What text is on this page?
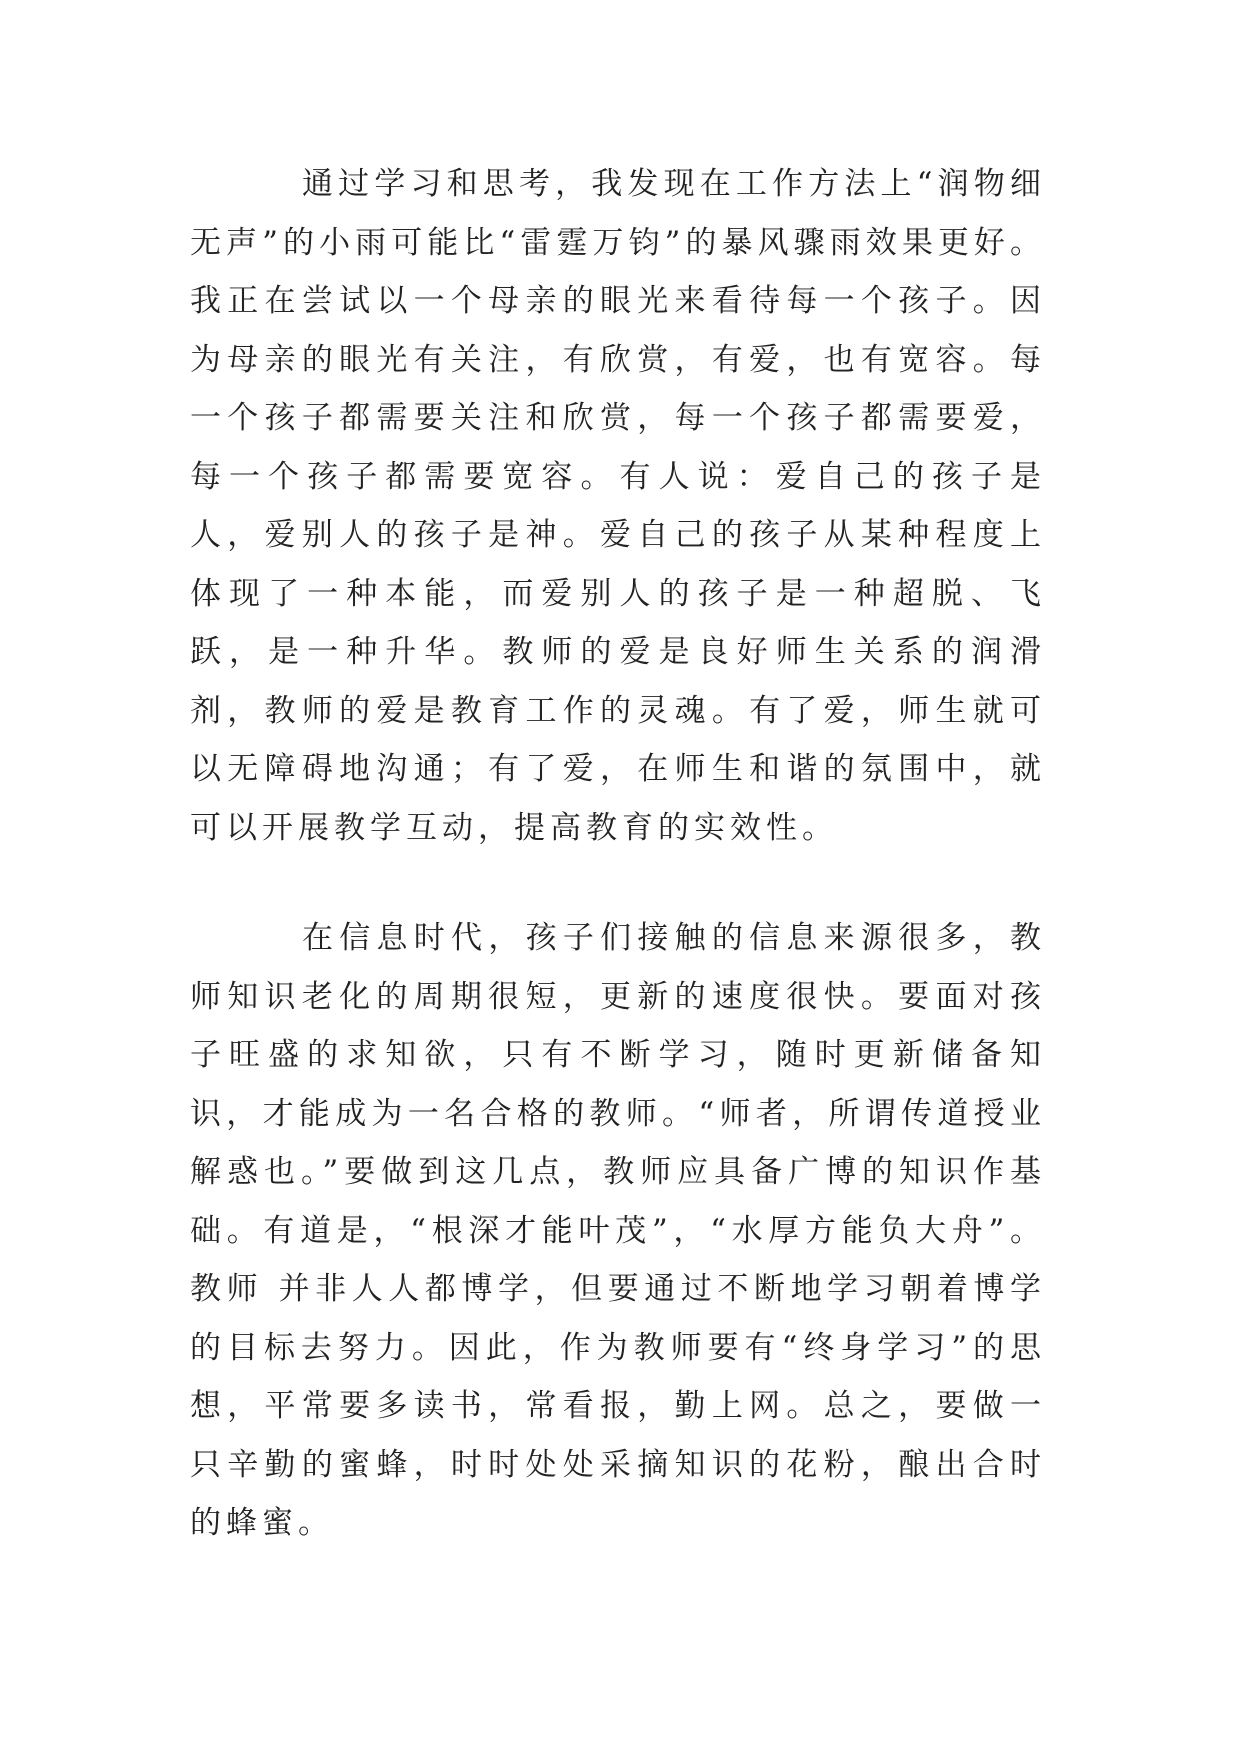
通过学习和思考，我发现在工作方法上“润物细无声”的小雨可能比“雷霆万钧”的暴风骤雨效果更好。我正在尝试以一个母亲的眼光来看待每一个孩子。因为母亲的眼光有关注，有欣赏，有爱，也有宽容。每一个孩子都需要关注和欣赏，每一个孩子都需要爱，每一个孩子都需要宽容。有人说：爱自己的孩子是人，爱别人的孩子是神。爱自己的孩子从某种程度上体现了一种本能，而爱别人的孩子是一种超脱、飞跃，是一种升华。教师的爱是良好师生关系的润滑剂，教师的爱是教育工作的灵魂。有了爱，师生就可以无障碍地沟通；有了爱，在师生和谐的氛围中，就可以开展教学互动，提高教育的实效性。

在信息时代，孩子们接触的信息来源很多，教师知识老化的周期很短，更新的速度很快。要面对孩子旺盛的求知欲，只有不断学习，随时更新储备知识，才能成为一名合格的教师。“师者，所谓传道授业解惑也。”要做到这几点，教师应具备广博的知识作基础。有道是，“根深才能叶茂”，“水厚方能负大舟”。教师 并非人人都博学，但要通过不断地学习朝着博学的目标去努力。因此，作为教师要有“终身学习”的思想，平常要多读书，常看报，勤上网。总之，要做一只辛勤的蜜蜂，时时处处采摘知识的花粉，酿出合时的蜂蜜。
